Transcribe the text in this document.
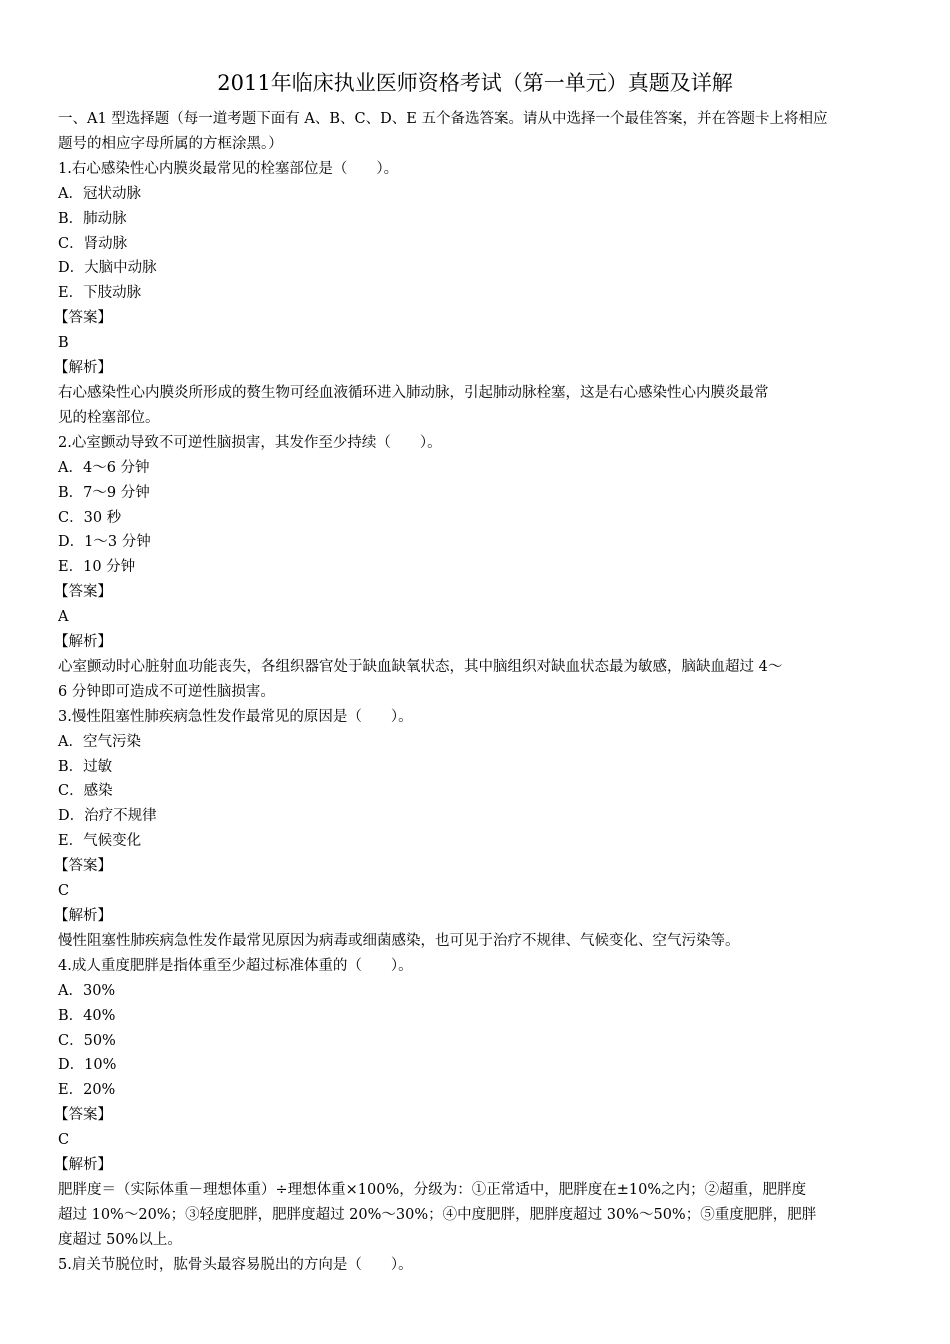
2011年临床执业医师资格考试（第一单元）真题及详解
一、A1 型选择题（每一道考题下面有 A、B、C、D、E 五个备选答案。请从中选择一个最佳答案，并在答题卡上将相应
题号的相应字母所属的方框涂黑。）
1.右心感染性心内膜炎最常见的栓塞部位是（　　）。
A．冠状动脉
B．肺动脉
C．肾动脉
D．大脑中动脉
E．下肢动脉
【答案】
B
【解析】
右心感染性心内膜炎所形成的赘生物可经血液循环进入肺动脉，引起肺动脉栓塞，这是右心感染性心内膜炎最常
见的栓塞部位。
2.心室颤动导致不可逆性脑损害，其发作至少持续（　　）。
A．4～6 分钟
B．7～9 分钟
C．30 秒
D．1～3 分钟
E．10 分钟
【答案】
A
【解析】
心室颤动时心脏射血功能丧失，各组织器官处于缺血缺氧状态，其中脑组织对缺血状态最为敏感，脑缺血超过 4～
6 分钟即可造成不可逆性脑损害。
3.慢性阻塞性肺疾病急性发作最常见的原因是（　　）。
A．空气污染
B．过敏
C．感染
D．治疗不规律
E．气候变化
【答案】
C
【解析】
慢性阻塞性肺疾病急性发作最常见原因为病毒或细菌感染，也可见于治疗不规律、气候变化、空气污染等。
4.成人重度肥胖是指体重至少超过标准体重的（　　）。
A．30%
B．40%
C．50%
D．10%
E．20%
【答案】
C
【解析】
肥胖度＝（实际体重－理想体重）÷理想体重×100%，分级为：①正常适中，肥胖度在±10%之内；②超重，肥胖度
超过 10%～20%；③轻度肥胖，肥胖度超过 20%～30%；④中度肥胖，肥胖度超过 30%～50%；⑤重度肥胖，肥胖
度超过 50%以上。
5.肩关节脱位时，肱骨头最容易脱出的方向是（　　）。
